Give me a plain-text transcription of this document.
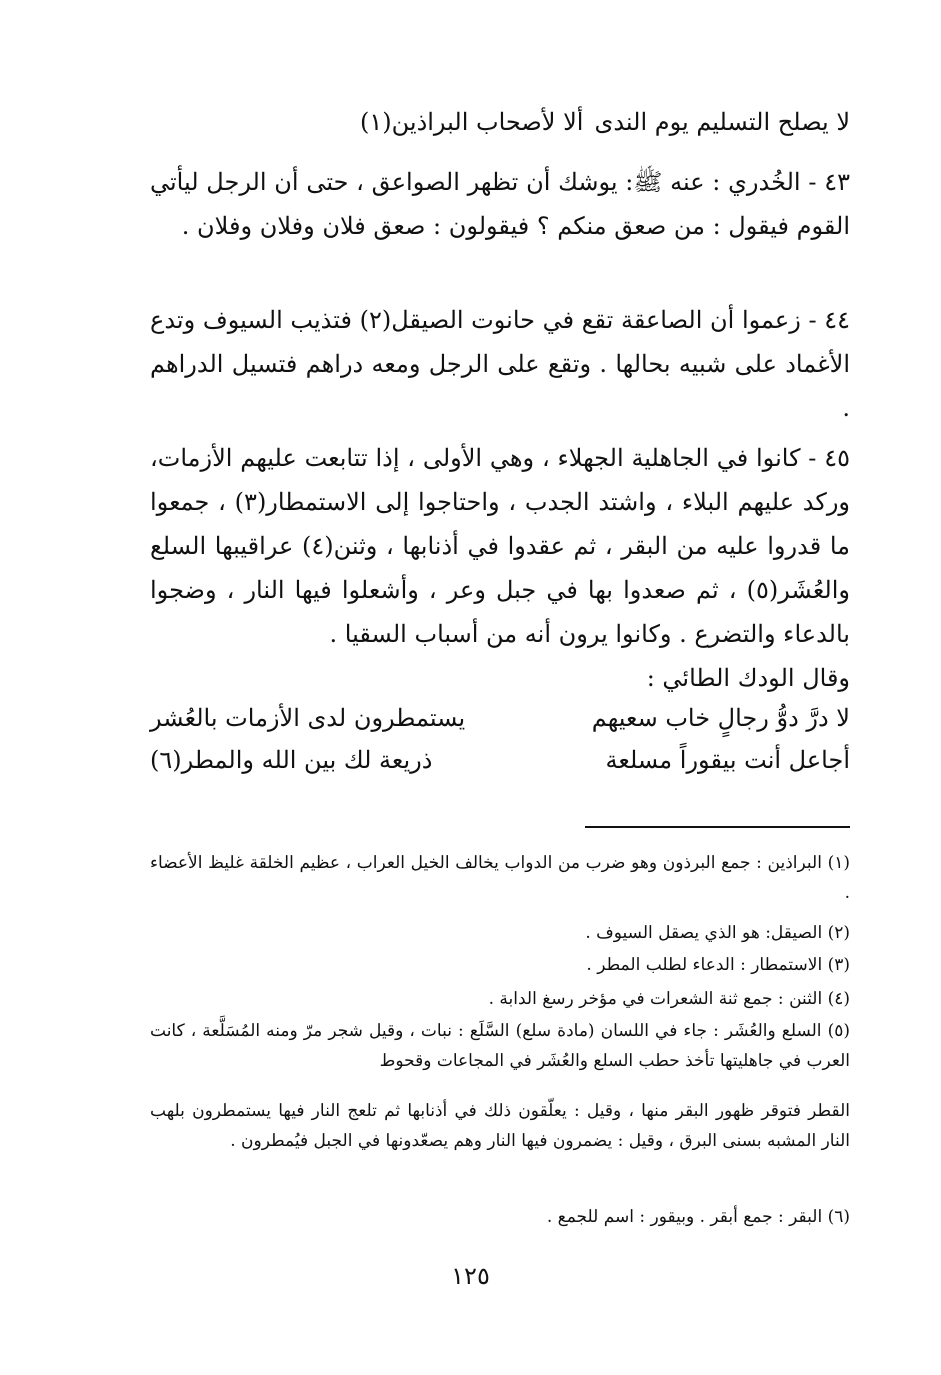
لا يصلح التسليم يوم الندى
ألا لأصحاب البراذين(١)
٤٣ - الخُدري : عنه ﷺ: يوشك أن تظهر الصواعق ، حتى أن الرجل ليأتي القوم فيقول : من صعق منكم ؟ فيقولون : صعق فلان وفلان وفلان .
٤٤ - زعموا أن الصاعقة تقع في حانوت الصيقل(٢) فتذيب السيوف وتدع الأغماد على شبيه بحالها . وتقع على الرجل ومعه دراهم فتسيل الدراهم .
٤٥ - كانوا في الجاهلية الجهلاء ، وهي الأولى ، إذا تتابعت عليهم الأزمات، وركد عليهم البلاء ، واشتد الجدب ، واحتاجوا إلى الاستمطار(٣) ، جمعوا ما قدروا عليه من البقر ، ثم عقدوا في أذنابها ، وثنن(٤) عراقيبها السلع والعُشَر(٥) ، ثم صعدوا بها في جبل وعر ، وأشعلوا فيها النار ، وضجوا بالدعاء والتضرع . وكانوا يرون أنه من أسباب السقيا .
وقال الودك الطائي :
لا درَّ دوُّ رجالٍ خاب سعيهم
يستمطرون لدى الأزمات بالعُشر
أجاعل أنت بيقوراً مسلعة
ذريعة لك بين الله والمطر(٦)
(١) البراذين : جمع البرذون وهو ضرب من الدواب يخالف الخيل العراب ، عظيم الخلقة غليظ الأعضاء .
(٢) الصيقل: هو الذي يصقل السيوف .
(٣) الاستمطار : الدعاء لطلب المطر .
(٤) الثنن : جمع ثنة الشعرات في مؤخر رسغ الدابة .
(٥) السلع والعُشَر : جاء في اللسان (مادة سلع) السَّلَع : نبات ، وقيل شجر مرّ ومنه المُسَلَّعة ، كانت العرب في جاهليتها تأخذ حطب السلع والعُشَر في المجاعات وقحوط
القطر فتوقر ظهور البقر منها ، وقيل : يعلّقون ذلك في أذنابها ثم تلعج النار فيها يستمطرون بلهب النار المشبه بسنى البرق ، وقيل : يضمرون فيها النار وهم يصعّدونها في الجبل فيُمطرون .
(٦) البقر : جمع أبقر . وبيقور : اسم للجمع .
١٢٥
